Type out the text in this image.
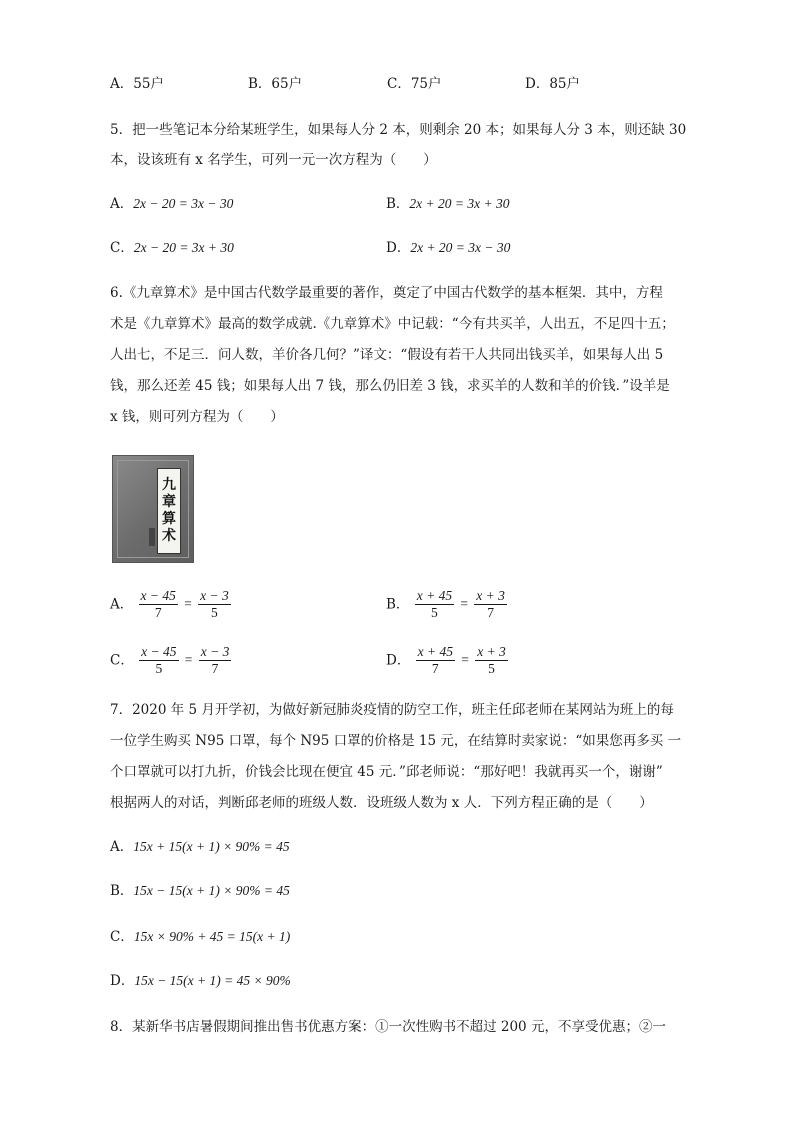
A．55户	B．65户	C．75户	D．85户
5．把一些笔记本分给某班学生，如果每人分 2 本，则剩余 20 本；如果每人分 3 本，则还缺 30
本，设该班有 x 名学生，可列一元一次方程为（　　）
A．2x − 20 = 3x − 30	B．2x + 20 = 3x + 30
C．2x − 20 = 3x + 30	D．2x + 20 = 3x − 30
6.《九章算术》是中国古代数学最重要的著作，奠定了中国古代数学的基本框架．其中，方程
术是《九章算术》最高的数学成就.《九章算术》中记载：“今有共买羊，人出五，不足四十五；
人出七，不足三．问人数，羊价各几何？”译文：“假设有若干人共同出钱买羊，如果每人出 5
钱，那么还差 45 钱；如果每人出 7 钱，那么仍旧差 3 钱，求买羊的人数和羊的价钱．”设羊是
x 钱，则可列方程为（　　）
九
章
算
术
A． $\frac{x - 45}{7} = \frac{x - 3}{5}$	B． $\frac{x + 45}{5} = \frac{x + 3}{7}$
C． $\frac{x - 45}{5} = \frac{x - 3}{7}$	D． $\frac{x + 45}{7} = \frac{x + 3}{5}$
7．2020 年 5 月开学初，为做好新冠肺炎疫情的防空工作，班主任邱老师在某网站为班上的每
一位学生购买 N95 口罩，每个 N95 口罩的价格是 15 元，在结算时卖家说：“如果您再多买 一
个口罩就可以打九折，价钱会比现在便宜 45 元．”邱老师说：“那好吧！我就再买一个，谢谢”
根据两人的对话，判断邱老师的班级人数．设班级人数为 x 人．下列方程正确的是（　　）
A．15x + 15(x + 1) × 90% = 45
B．15x − 15(x + 1) × 90% = 45
C．15x × 90% + 45 = 15(x + 1)
D．15x − 15(x + 1) = 45 × 90%
8．某新华书店暑假期间推出售书优惠方案：①一次性购书不超过 200 元，不享受优惠；②一
